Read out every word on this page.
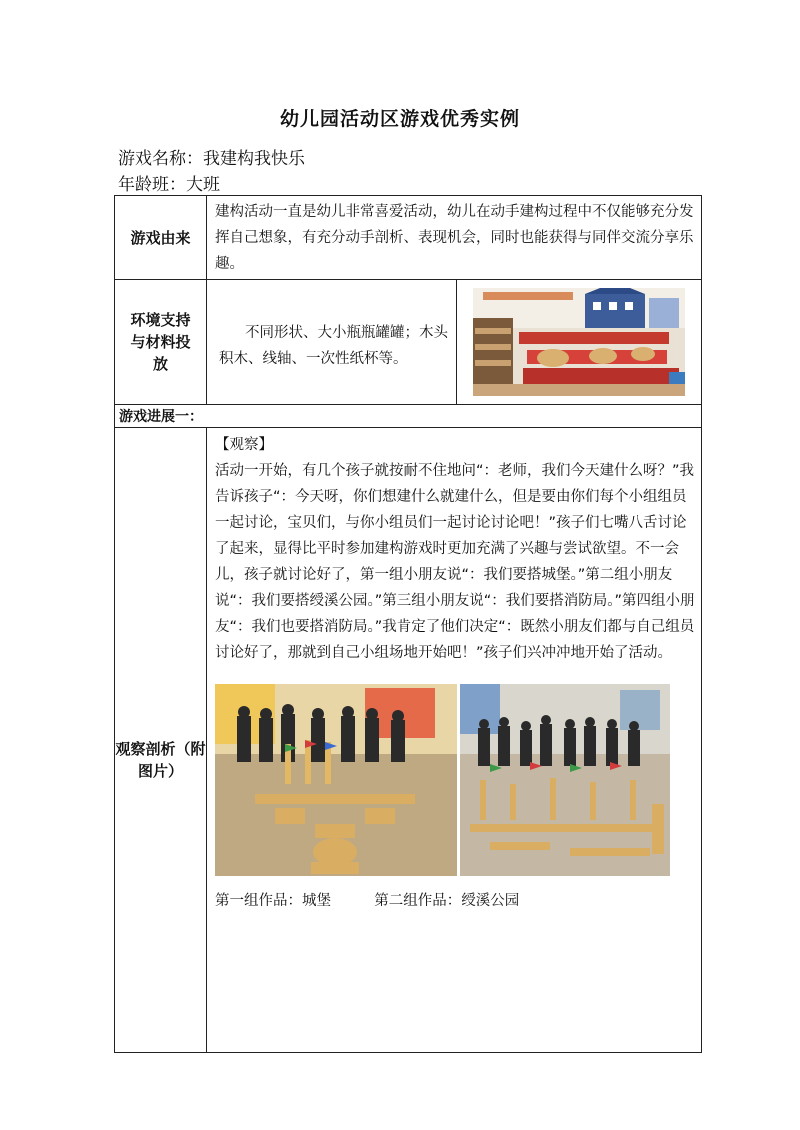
幼儿园活动区游戏优秀实例
游戏名称：我建构我快乐
年龄班：大班
游戏由来	建构活动一直是幼儿非常喜爱活动，幼儿在动手建构过程中不仅能够充分发挥自己想象，有充分动手剖析、表现机会，同时也能获得与同伴交流分享乐趣。
环境支持与材料投放	不同形状、大小瓶瓶罐罐；木头积木、线轴、一次性纸杯等。

游戏进展一：	
观察剖析（附图片）	【观察】
活动一开始，有几个孩子就按耐不住地问“：老师，我们今天建什么呀？”我告诉孩子“：今天呀，你们想建什么就建什么，但是要由你们每个小组组员一起讨论，宝贝们，与你小组员们一起讨论讨论吧！”孩子们七嘴八舌讨论了起来，显得比平时参加建构游戏时更加充满了兴趣与尝试欲望。不一会儿，孩子就讨论好了，第一组小朋友说“：我们要搭城堡。”第二组小朋友说“：我们要搭绶溪公园。”第三组小朋友说“：我们要搭消防局。”第四组小朋友“：我们也要搭消防局。”我肯定了他们决定“：既然小朋友们都与自己组员讨论好了，那就到自己小组场地开始吧！”孩子们兴冲冲地开始了活动。
第一组作品：城堡 第二组作品：绶溪公园
